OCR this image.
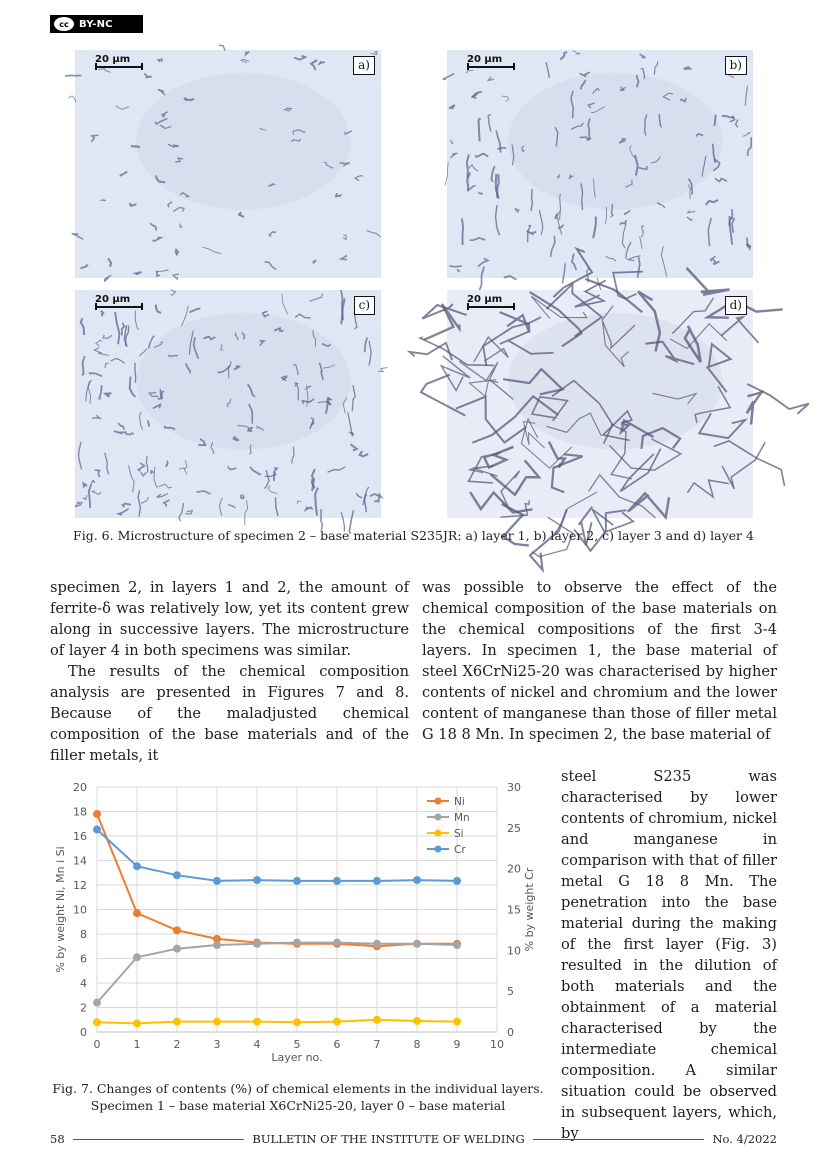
cc	BY-NC
20 μm	a)	20 μm	b)
20 μm	c)	20 μm	d)
Fig. 6. Microstructure of specimen 2 – base material S235JR: a) layer 1, b) layer 2, c) layer 3 and d) layer 4

specimen 2, in layers 1 and 2, the amount of ferrite-δ was relatively low, yet its content grew along in successive layers. The microstructure of layer 4 in both specimens was similar.

The results of the chemical composition analysis are presented in Figures 7 and 8. Because of the maladjusted chemical composition of the base materials and of the filler metals, it

was possible to observe the effect of the chemical composition of the base materials on the chemical compositions of the first 3-4 layers. In specimen 1, the base material of steel X6CrNi25-20 was characterised by higher contents of nickel and chromium and the lower content of manganese than those of filler metal G 18 8 Mn. In specimen 2, the base material of

steel S235 was characterised by lower contents of chromium, nickel and manganese in comparison with that of filler metal G 18 8 Mn. The penetration into the base material during the making of the first layer (Fig. 3) resulted in the dilution of both materials and the obtainment of a material characterised by the intermediate chemical composition. A similar situation could be observed in subsequent layers, which, by

0
2
4
6
8
10
12
14
16
18
20
0
5
10
15
20
25
30
0	1	2	3	4	5	6	7	8	9	10
Layer no.
% by weight Ni, Mn i Si	% by weight Cr
Ni
Mn
Si
Cr
Fig. 7. Changes of contents (%) of chemical elements in the individual layers.
Specimen 1 – base material X6CrNi25-20, layer 0 – base material
58	BULLETIN OF THE INSTITUTE OF WELDING	No. 4/2022
